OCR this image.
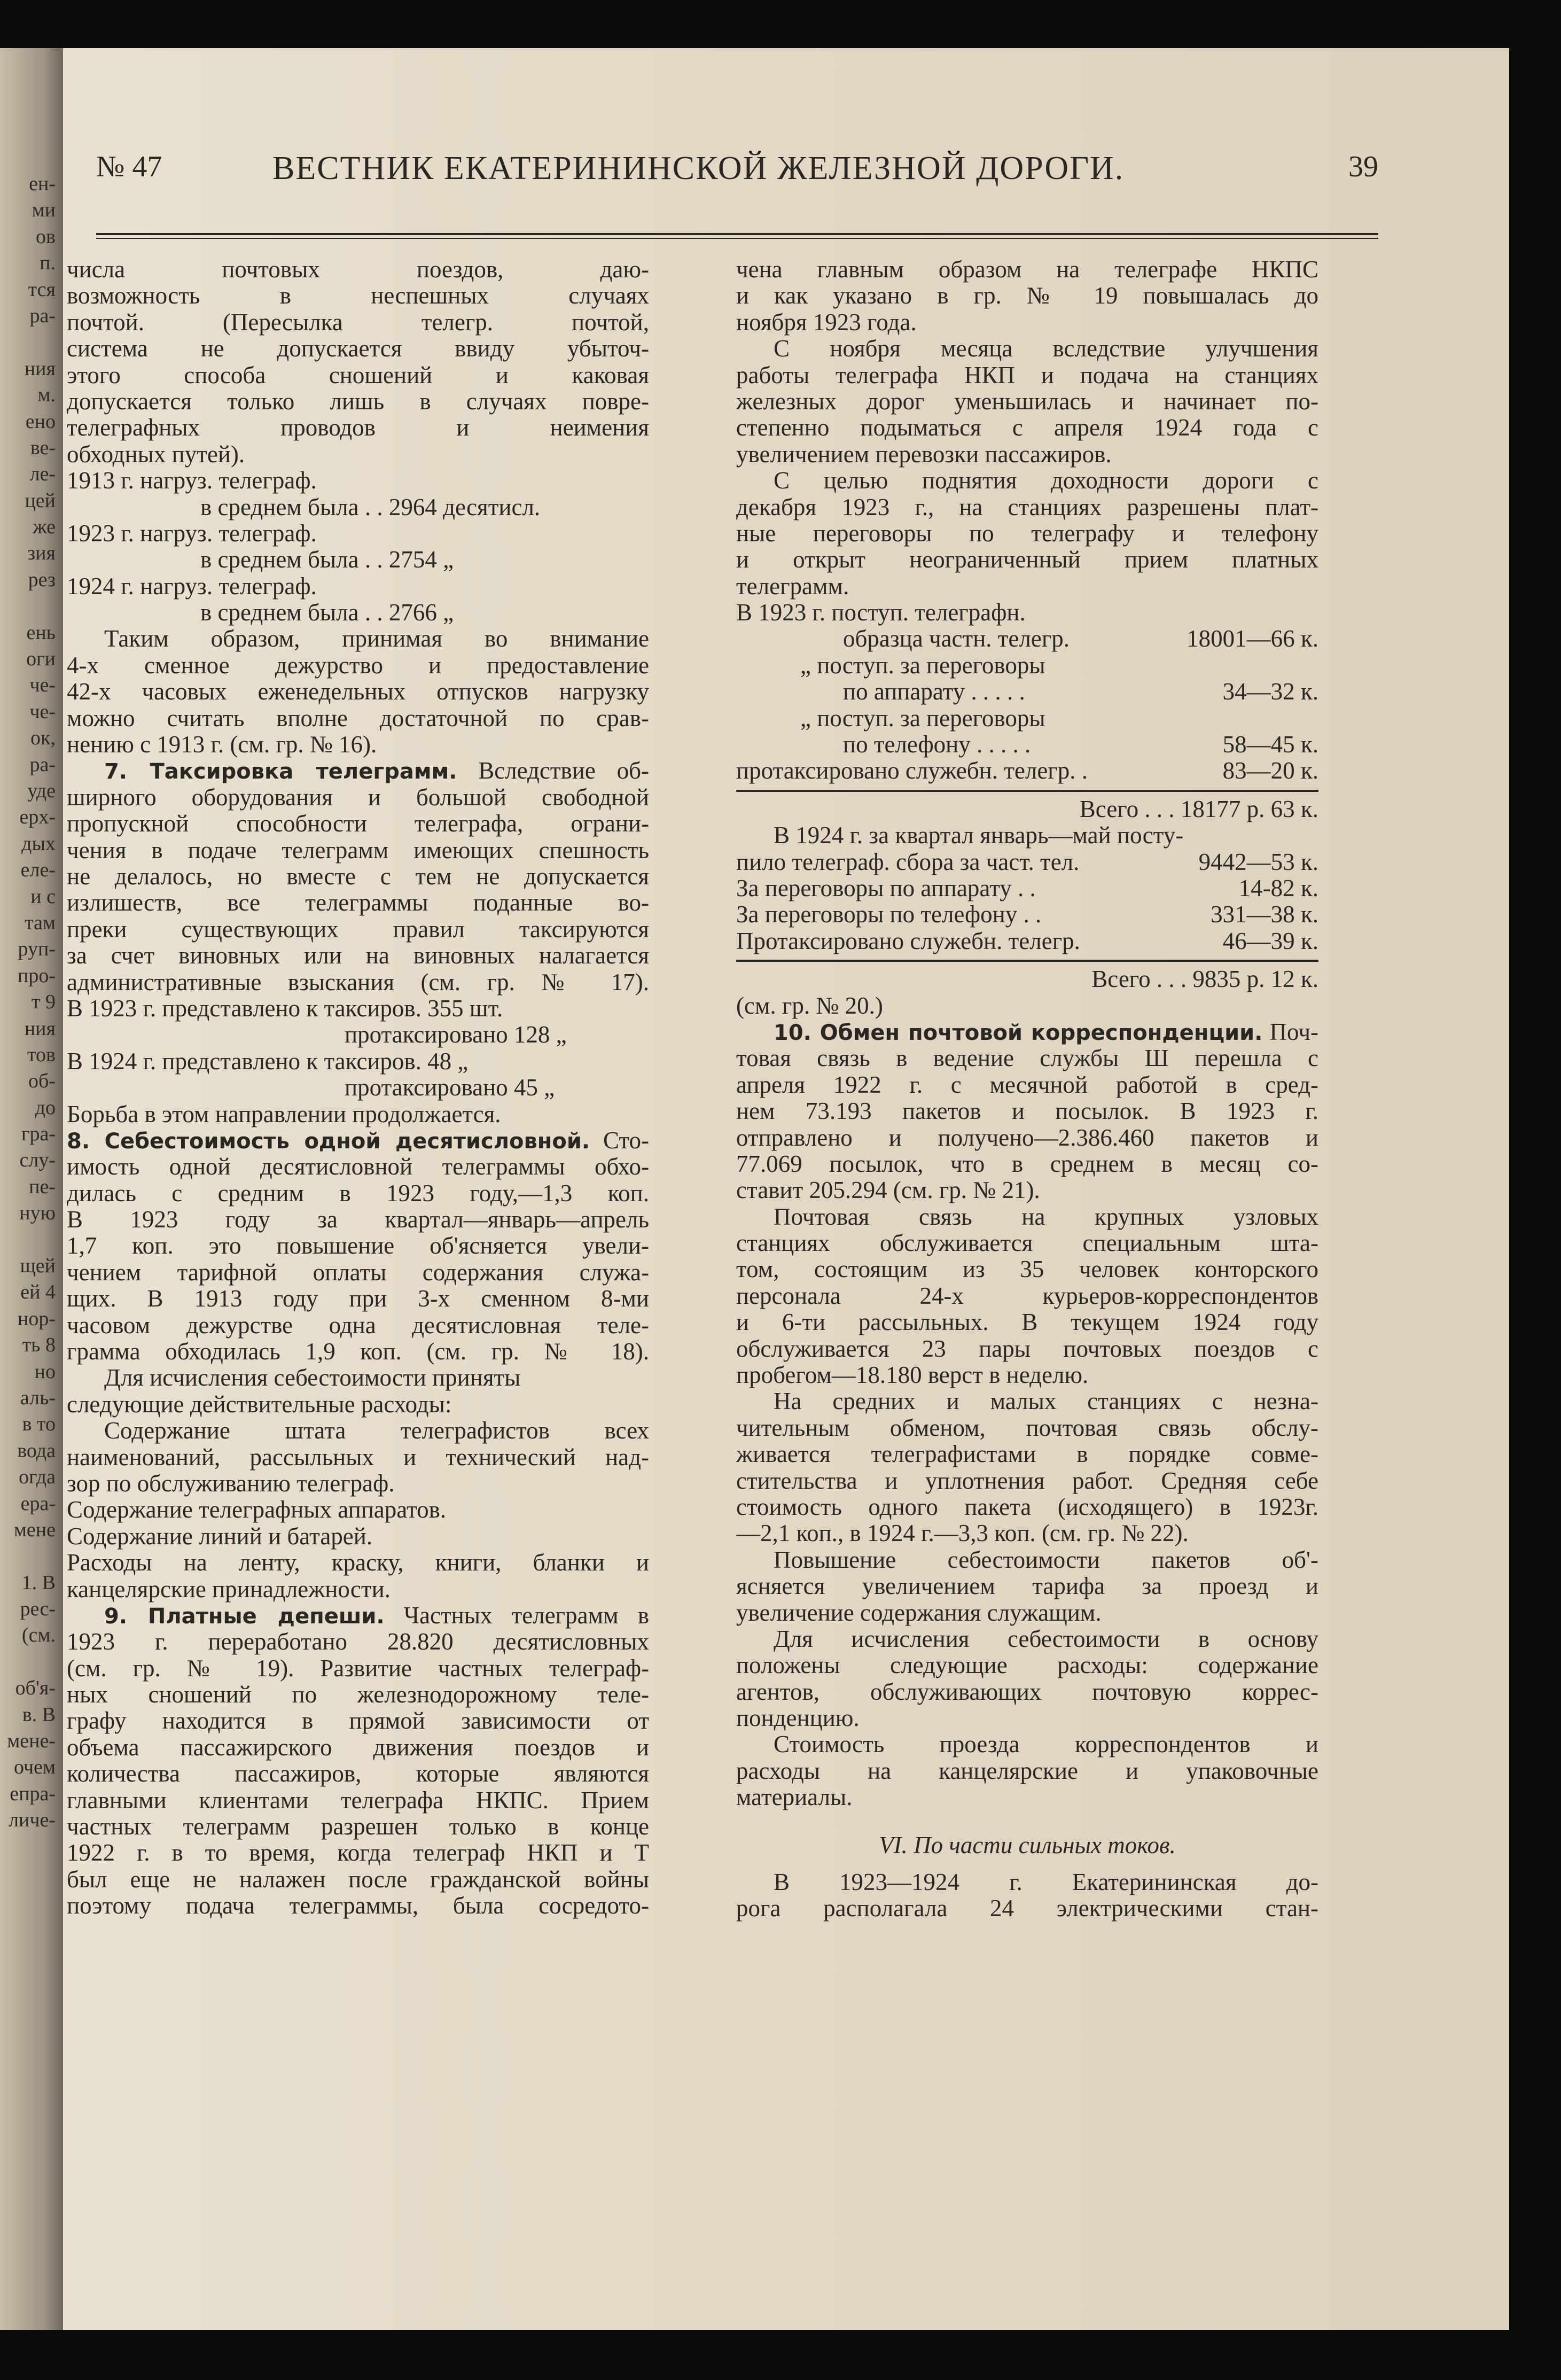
ен-
ми
ов
п.
тся
ра-
ния
м.
ено
ве-
ле-
цей
же
зия
рез
ень
оги
че-
че-
ок,
ра-
уде
ерх-
дых
еле-
и с
там
руп-
про-
т 9
ния
тов
об-
до
гра-
слу-
пе-
ную
щей
ей 4
нор-
ть 8
но
аль-
в то
вода
огда
ера-
мене
1. В
рес-
(см.
об'я-
в. В
мене-
очем
епра-
личе-
№ 47	ВЕСТНИК ЕКАТЕРИНИНСКОЙ ЖЕЛЕЗНОЙ ДОРОГИ.	39
числа почтовых поездов, даю-
возможность в неспешных случаях
почтой. (Пересылка телегр. почтой,
система не допускается ввиду убыточ-
этого способа сношений и каковая
допускается только лишь в случаях повре-
телеграфных проводов и неимения
обходных путей).
1913 г. нагруз. телеграф.
в среднем была . . 2964 десятисл.
1923 г. нагруз. телеграф.
в среднем была . . 2754 „
1924 г. нагруз. телеграф.
в среднем была . . 2766 „
Таким образом, принимая во внимание
4-х сменное дежурство и предоставление
42-х часовых еженедельных отпусков нагрузку
можно считать вполне достаточной по срав-
нению с 1913 г. (см. гр. № 16).
7. Таксировка телеграмм. Вследствие об-
ширного оборудования и большой свободной
пропускной способности телеграфа, ограни-
чения в подаче телеграмм имеющих спешность
не делалось, но вместе с тем не допускается
излишеств, все телеграммы поданные во-
преки существующих правил таксируются
за счет виновных или на виновных налагается
административные взыскания (см. гр. № 17).
В 1923 г. представлено к таксиров. 355 шт.
протаксировано 128 „
В 1924 г. представлено к таксиров. 48 „
протаксировано 45 „
Борьба в этом направлении продолжается.
8. Себестоимость одной десятисловной. Сто-
имость одной десятисловной телеграммы обхо-
дилась с средним в 1923 году,—1,3 коп.
В 1923 году за квартал—январь—апрель
1,7 коп. это повышение об'ясняется увели-
чением тарифной оплаты содержания служа-
щих. В 1913 году при 3-х сменном 8-ми
часовом дежурстве одна десятисловная теле-
грамма обходилась 1,9 коп. (см. гр. № 18).
Для исчисления себестоимости приняты
следующие действительные расходы:
Содержание штата телеграфистов всех
наименований, рассыльных и технический над-
зор по обслуживанию телеграф.
Содержание телеграфных аппаратов.
Содержание линий и батарей.
Расходы на ленту, краску, книги, бланки и
канцелярские принадлежности.
9. Платные депеши. Частных телеграмм в
1923 г. переработано 28.820 десятисловных
(см. гр. № 19). Развитие частных телеграф-
ных сношений по железнодорожному теле-
графу находится в прямой зависимости от
объема пассажирского движения поездов и
количества пассажиров, которые являются
главными клиентами телеграфа НКПС. Прием
частных телеграмм разрешен только в конце
1922 г. в то время, когда телеграф НКП и Т
был еще не налажен после гражданской войны
поэтому подача телеграммы, была сосредото-
чена главным образом на телеграфе НКПС
и как указано в гр. № 19 повышалась до
ноября 1923 года.
С ноября месяца вследствие улучшения
работы телеграфа НКП и подача на станциях
железных дорог уменьшилась и начинает по-
степенно подыматься с апреля 1924 года с
увеличением перевозки пассажиров.
С целью поднятия доходности дороги с
декабря 1923 г., на станциях разрешены плат-
ные переговоры по телеграфу и телефону
и открыт неограниченный прием платных
телеграмм.
В 1923 г. поступ. телеграфн.
образца частн. телегр.	18001—66 к.
„ поступ. за переговоры
по аппарату . . . . .	34—32 к.
„ поступ. за переговоры
по телефону . . . . .	58—45 к.
протаксировано служебн. телегр. .	83—20 к.
Всего . . . 18177 р. 63 к.
В 1924 г. за квартал январь—май посту-
пило телеграф. сбора за част. тел.	9442—53 к.
За переговоры по аппарату . .	14-82 к.
За переговоры по телефону . .	331—38 к.
Протаксировано служебн. телегр.	46—39 к.
Всего . . . 9835 р. 12 к.
(см. гр. № 20.)
10. Обмен почтовой корреспонденции. Поч-
товая связь в ведение службы Ш перешла с
апреля 1922 г. с месячной работой в сред-
нем 73.193 пакетов и посылок. В 1923 г.
отправлено и получено—2.386.460 пакетов и
77.069 посылок, что в среднем в месяц со-
ставит 205.294 (см. гр. № 21).
Почтовая связь на крупных узловых
станциях обслуживается специальным шта-
том, состоящим из 35 человек конторского
персонала 24-х курьеров-корреспондентов
и 6-ти рассыльных. В текущем 1924 году
обслуживается 23 пары почтовых поездов с
пробегом—18.180 верст в неделю.
На средних и малых станциях с незна-
чительным обменом, почтовая связь обслу-
живается телеграфистами в порядке совме-
стительства и уплотнения работ. Средняя себе
стоимость одного пакета (исходящего) в 1923г.
—2,1 коп., в 1924 г.—3,3 коп. (см. гр. № 22).
Повышение себестоимости пакетов об'-
ясняется увеличением тарифа за проезд и
увеличение содержания служащим.
Для исчисления себестоимости в основу
положены следующие расходы: содержание
агентов, обслуживающих почтовую коррес-
понденцию.
Стоимость проезда корреспондентов и
расходы на канцелярские и упаковочные
материалы.
VI. По части сильных токов.
В 1923—1924 г. Екатерининская до-
рога располагала 24 электрическими стан-
